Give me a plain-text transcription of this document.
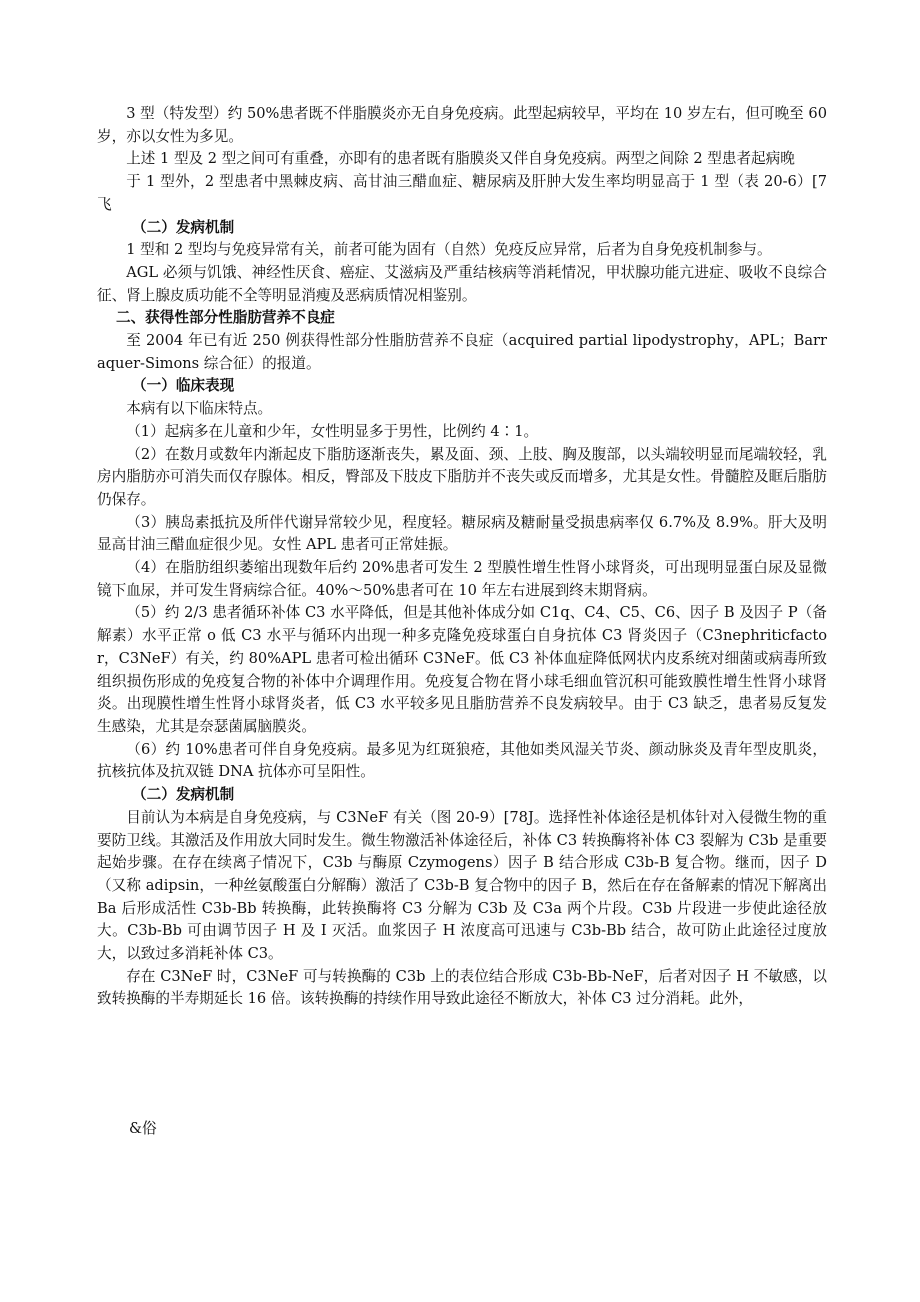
3 型（特发型）约 50%患者既不伴脂膜炎亦无自身免疫病。此型起病较早，平均在 10 岁左右，但可晚至 60 岁，亦以女性为多见。

上述 1 型及 2 型之间可有重叠，亦即有的患者既有脂膜炎又伴自身免疫病。两型之间除 2 型患者起病晚

于 1 型外，2 型患者中黑棘皮病、高甘油三醋血症、糖尿病及肝肿大发生率均明显高于 1 型（表 20-6）[7 飞

（二）发病机制

1 型和 2 型均与免疫异常有关，前者可能为固有（自然）免疫反应异常，后者为自身免疫机制参与。

AGL 必须与饥饿、神经性厌食、癌症、艾滋病及严重结核病等消耗情况，甲状腺功能亢进症、吸收不良综合征、肾上腺皮质功能不全等明显消瘦及恶病质情况相鉴别。

二、获得性部分性脂肪营养不良症

至 2004 年已有近 250 例获得性部分性脂肪营养不良症（acquired partial lipodystrophy，APL；Barraquer-Simons 综合征）的报道。

（一）临床表现

本病有以下临床特点。

（1）起病多在儿童和少年，女性明显多于男性，比例约 4∶1。

（2）在数月或数年内渐起皮下脂肪逐渐丧失，累及面、颈、上肢、胸及腹部，以头端较明显而尾端较轻，乳房内脂肪亦可消失而仅存腺体。相反，臀部及下肢皮下脂肪并不丧失或反而增多，尤其是女性。骨髓腔及眶后脂肪仍保存。

（3）胰岛素抵抗及所伴代谢异常较少见，程度轻。糖尿病及糖耐量受损患病率仅 6.7%及 8.9%。肝大及明显高甘油三醋血症很少见。女性 APL 患者可正常娃振。

（4）在脂肪组织萎缩出现数年后约 20%患者可发生 2 型膜性增生性肾小球肾炎，可出现明显蛋白尿及显微镜下血尿，并可发生肾病综合征。40%～50%患者可在 10 年左右进展到终末期肾病。

（5）约 2/3 患者循环补体 C3 水平降低，但是其他补体成分如 C1q、C4、C5、C6、因子 B 及因子 P（备解素）水平正常 o 低 C3 水平与循环内出现一种多克隆免疫球蛋白自身抗体 C3 肾炎因子（C3nephriticfactor，C3NeF）有关，约 80%APL 患者可检出循环 C3NeF。低 C3 补体血症降低网状内皮系统对细菌或病毒所致组织损伤形成的免疫复合物的补体中介调理作用。免疫复合物在肾小球毛细血管沉积可能致膜性增生性肾小球肾炎。出现膜性增生性肾小球肾炎者，低 C3 水平较多见且脂肪营养不良发病较早。由于 C3 缺乏，患者易反复发生感染，尤其是奈瑟菌属脑膜炎。

（6）约 10%患者可伴自身免疫病。最多见为红斑狼疮，其他如类风湿关节炎、颜动脉炎及青年型皮肌炎，抗核抗体及抗双链 DNA 抗体亦可呈阳性。

（二）发病机制

目前认为本病是自身免疫病，与 C3NeF 有关（图 20-9）[78J。选择性补体途径是机体针对入侵微生物的重要防卫线。其激活及作用放大同时发生。微生物激活补体途径后，补体 C3 转换酶将补体 C3 裂解为 C3b 是重要起始步骤。在存在续离子情况下，C3b 与酶原 Czymogens）因子 B 结合形成 C3b-B 复合物。继而，因子 D（又称 adipsin，一种丝氨酸蛋白分解酶）激活了 C3b-B 复合物中的因子 B，然后在存在备解素的情况下解离出 Ba 后形成活性 C3b-Bb 转换酶，此转换酶将 C3 分解为 C3b 及 C3a 两个片段。C3b 片段进一步使此途径放大。C3b-Bb 可由调节因子 H 及 I 灭活。血浆因子 H 浓度高可迅速与 C3b-Bb 结合，故可防止此途径过度放大，以致过多消耗补体 C3。

存在 C3NeF 时，C3NeF 可与转换酶的 C3b 上的表位结合形成 C3b-Bb-NeF，后者对因子 H 不敏感，以致转换酶的半寿期延长 16 倍。该转换酶的持续作用导致此途径不断放大，补体 C3 过分消耗。此外，

&俗
